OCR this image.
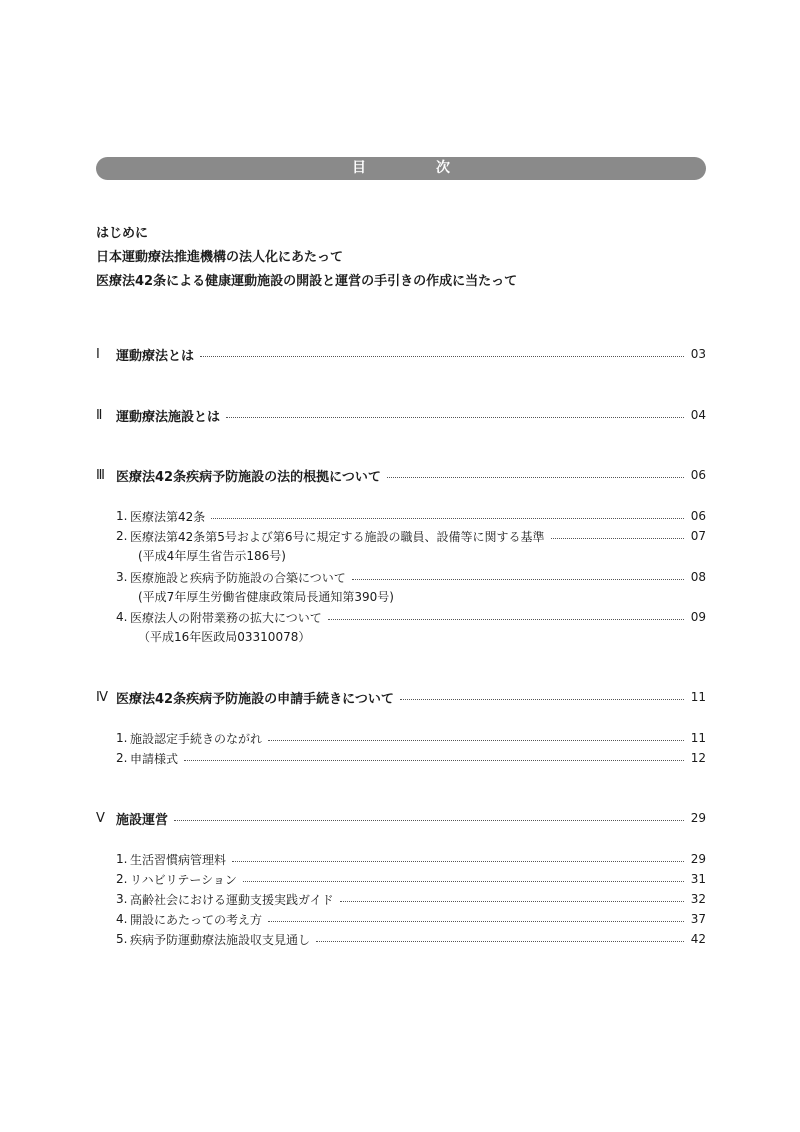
目　次
はじめに
日本運動療法推進機構の法人化にあたって
医療法42条による健康運動施設の開設と運営の手引きの作成に当たって
Ⅰ	運動療法とは	03
Ⅱ	運動療法施設とは	04
Ⅲ 医療法42条疾病予防施設の法的根拠について	06
1. 医療法第42条	06
2. 医療法第42条第5号および第6号に規定する施設の職員、設備等に関する基準	07
(平成4年厚生省告示186号)
3. 医療施設と疾病予防施設の合築について	08
(平成7年厚生労働省健康政策局長通知第390号)
4. 医療法人の附帯業務の拡大について	09
（平成16年医政局03310078）
Ⅳ 医療法42条疾病予防施設の申請手続きについて	11
1. 施設認定手続きのながれ	11
2. 申請様式	12
Ⅴ 施設運営	29
1. 生活習慣病管理料	29
2. リハビリテーション	31
3. 高齢社会における運動支援実践ガイド	32
4. 開設にあたっての考え方	37
5. 疾病予防運動療法施設収支見通し	42
